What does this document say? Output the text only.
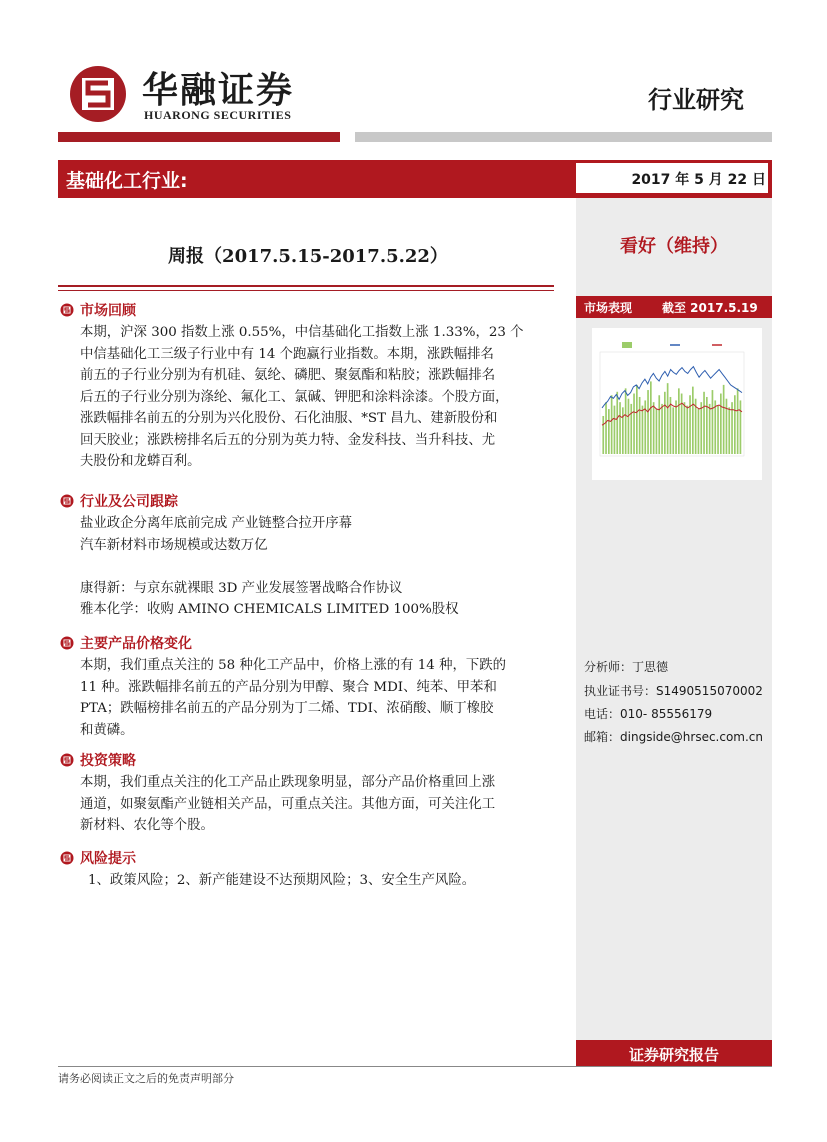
华融证券
HUARONG SECURITIES
行业研究
基础化工行业:	2017 年 5 月 22 日
看好（维持）
市场表现 截至 2017.5.19
分析师：丁思德
执业证书号：S1490515070002
电话：010- 85556179
邮箱：dingside@hrsec.com.cn
证券研究报告
周报（2017.5.15-2017.5.22）
市场回顾
本期，沪深 300 指数上涨 0.55%，中信基础化工指数上涨 1.33%，23 个
中信基础化工三级子行业中有 14 个跑赢行业指数。本期，涨跌幅排名
前五的子行业分别为有机硅、氨纶、磷肥、聚氨酯和粘胶；涨跌幅排名
后五的子行业分别为涤纶、氟化工、氯碱、钾肥和涂料涂漆。个股方面，
涨跌幅排名前五的分别为兴化股份、石化油服、*ST 昌九、建新股份和
回天胶业；涨跌榜排名后五的分别为英力特、金发科技、当升科技、尤
夫股份和龙蟒百利。
行业及公司跟踪
盐业政企分离年底前完成 产业链整合拉开序幕
汽车新材料市场规模或达数万亿
康得新：与京东就裸眼 3D 产业发展签署战略合作协议
雅本化学：收购 AMINO CHEMICALS LIMITED 100%股权
主要产品价格变化
本期，我们重点关注的 58 种化工产品中，价格上涨的有 14 种，下跌的
11 种。涨跌幅排名前五的产品分别为甲醇、聚合 MDI、纯苯、甲苯和
PTA；跌幅榜排名前五的产品分别为丁二烯、TDI、浓硝酸、顺丁橡胶
和黄磷。
投资策略
本期，我们重点关注的化工产品止跌现象明显，部分产品价格重回上涨
通道，如聚氨酯产业链相关产品，可重点关注。其他方面，可关注化工
新材料、农化等个股。
风险提示
1、政策风险；2、新产能建设不达预期风险；3、安全生产风险。
请务必阅读正文之后的免责声明部分
